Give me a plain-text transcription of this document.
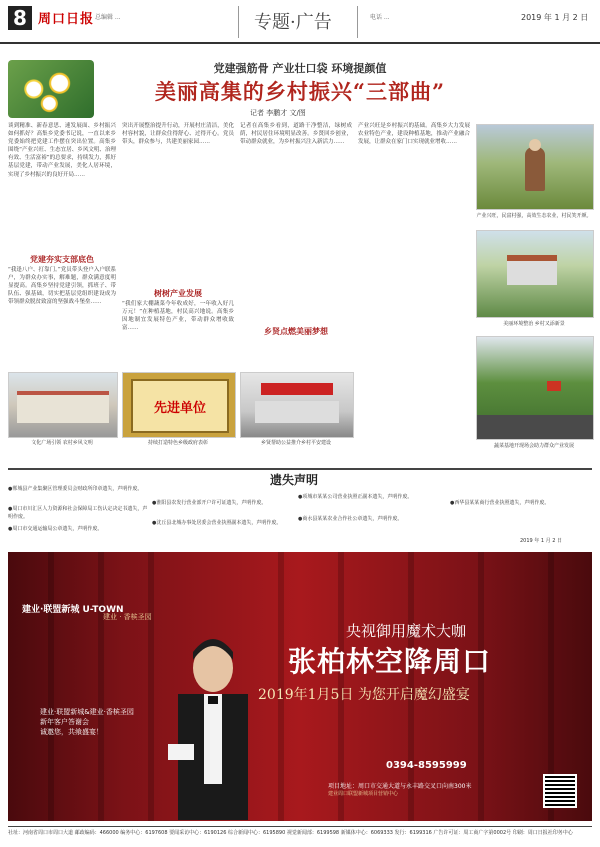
8 周口日报 总编辑 ...	电话 ...
专题·广告	2019 年 1 月 2 日
党建强筋骨 产业壮口袋 环境提颜值
美丽高集的乡村振兴“三部曲”
记者 李鹏才 文/图
谈到精准、新春意思、速发展面、乡村振兴如何抓好？高集乡党委书记说，一直以来乡党委始终把党建工作摆在突出位置。高集乡围绕“产业兴旺、生态宜居、乡风文明、治理有效、生活富裕”的总要求，持续发力，抓好基层党建，带动产业发展，美化人居环境，实现了乡村振兴的良好开局……
党建夯实支部底色
“我逢八户、打靠门。”党员带头登户入户联系户，为群众办实事，解难题，群众满意度明显提高。高集乡坚持党建引领，抓班子、带队伍、强基础，切实把基层党组织建设成为带领群众脱贫致富的坚强战斗堡垒……
突出开展整治提升行动，开展村庄清洁，美化村容村貌，让群众住得舒心、过得开心。党员带头，群众参与，共建美丽家园……
树树产业发展
“我们家大棚蔬菜今年收成好，一年收入好几万元！”在种植基地，村民高兴地说。高集乡因地制宜发展特色产业，带动群众增收致富……
记者在高集乡看到，道路干净整洁，绿树成荫，村民居住环境明显改善。乡贤回乡创业，带动群众就业，为乡村振兴注入新活力……
乡贤点燃美丽梦想
产业兴旺是乡村振兴的基础。高集乡大力发展农业特色产业，建设种植基地，推动产业融合发展，让群众在家门口实现就业增收……
产业兴旺，民富村强，高效生态农业，村民笑开颜。
美丽环境整治 乡村又添新景
蔬菜基地开现场会助力群众产业发展
文化广场引领 农村乡风文明
先进单位
持续打造特色乡级政府表彰	乡贤帮助公益推介乡村平安建设
遗失声明
●郸城县产业集聚区管理委员会财政所印章遗失，声明作废。
●周口市川汇区人力资源和社会保障局工伤认定决定书遗失，声明作废。
●周口市交通运输局公章遗失，声明作废。
●淮阳县农发行营业部开户许可证遗失，声明作废。
●沈丘县北城办事处居委会营业执照副本遗失，声明作废。
●项城市某某公司营业执照正副本遗失，声明作废。
●商水县某某农业合作社公章遗失，声明作废。
●西华县某某商行营业执照遗失，声明作废。
2019 年 1 月 2 日
建业·联盟新城 U-TOWN
建业 · 香槟圣园
央视御用魔术大咖
张柏林空降周口
2019年1月5日 为您开启魔幻盛宴
建业·联盟新城&建业·香槟圣园
新年客户答谢会
诚邀您，共飨盛宴！
0394-8595999
项目地址：周口市交通大道与永丰路交叉口向南300米
建业周口联盟新城项目营销中心
社址：河南省周口市周口大道 邮政编码：466000 编务中心：6197608 要闻采访中心：6190126 综合新闻中心：6195890 视觉新闻部：6199598 新媒体中心：6069333 发行：6199316 广告许可证：周工商广字第0002号 印刷：周口日报社印务中心
